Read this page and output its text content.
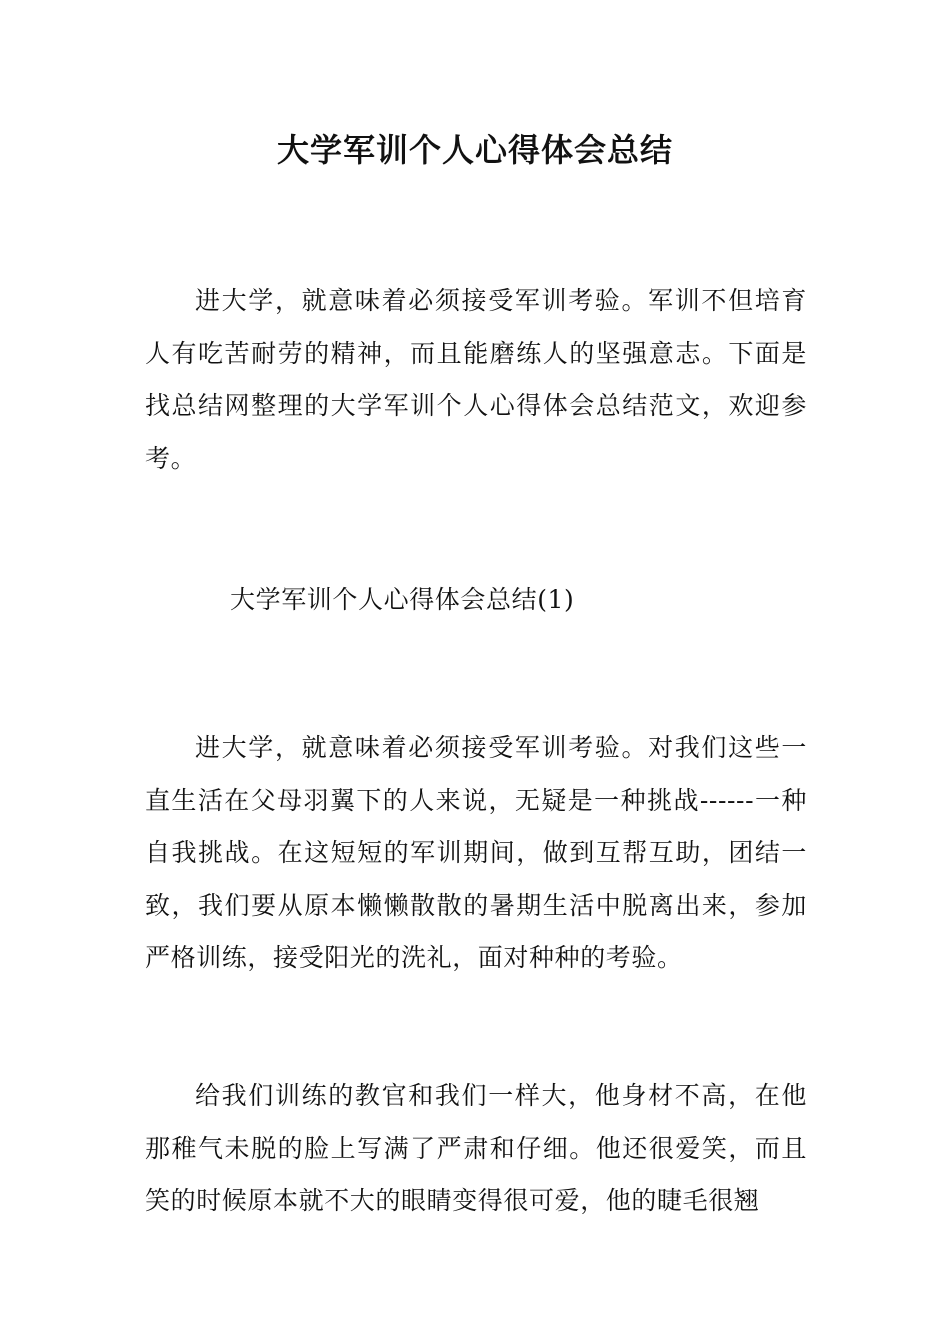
大学军训个人心得体会总结

进大学，就意味着必须接受军训考验。军训不但培育人有吃苦耐劳的精神，而且能磨练人的坚强意志。下面是找总结网整理的大学军训个人心得体会总结范文，欢迎参考。

大学军训个人心得体会总结(1)

进大学，就意味着必须接受军训考验。对我们这些一直生活在父母羽翼下的人来说，无疑是一种挑战------一种自我挑战。在这短短的军训期间，做到互帮互助，团结一致，我们要从原本懒懒散散的暑期生活中脱离出来，参加严格训练，接受阳光的洗礼，面对种种的考验。

给我们训练的教官和我们一样大，他身材不高，在他那稚气未脱的脸上写满了严肃和仔细。他还很爱笑，而且笑的时候原本就不大的眼睛变得很可爱，他的睫毛很翘
